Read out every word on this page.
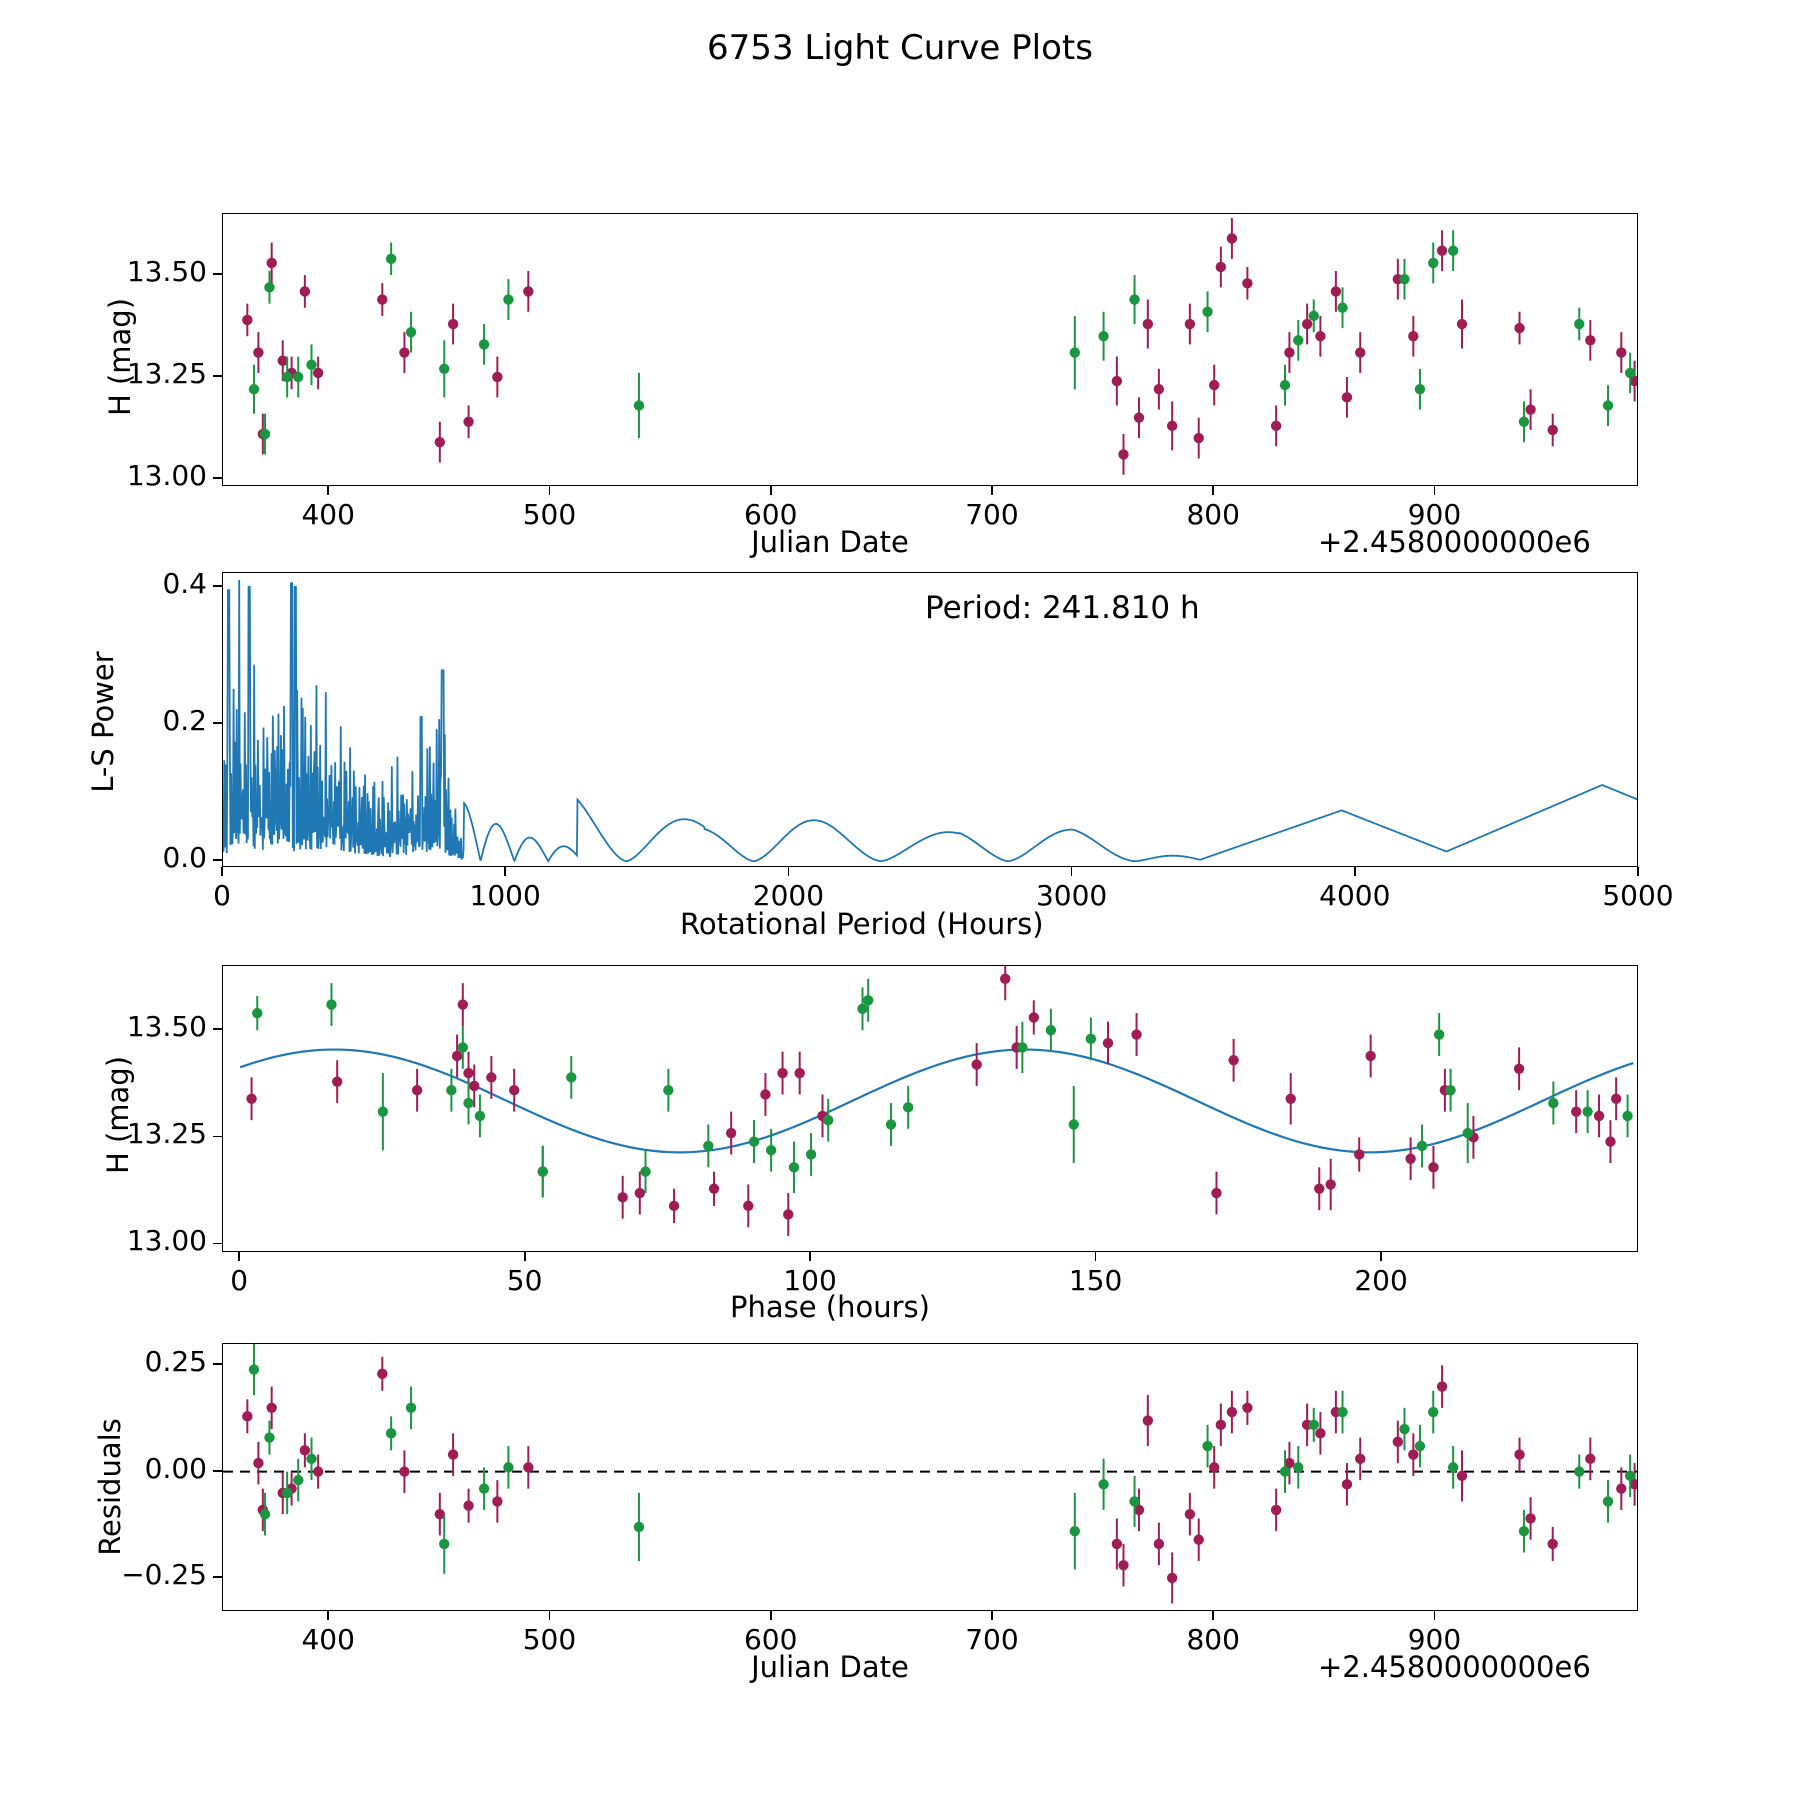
6753 Light Curve Plots
H (mag)
Julian Date	+2.4580000000e6
L-S Power
Rotational Period (Hours)
Period: 241.810 h
H (mag)
Phase (hours)
Residuals
Julian Date	+2.4580000000e6
13.00
13.25
13.50
400	500	600	700	800	900
0.0
0.2
0.4
0	1000	2000	3000	4000	5000
13.00
13.25
13.50
0	50	100	150	200
−0.25
0.00
0.25
400	500	600	700	800	900
